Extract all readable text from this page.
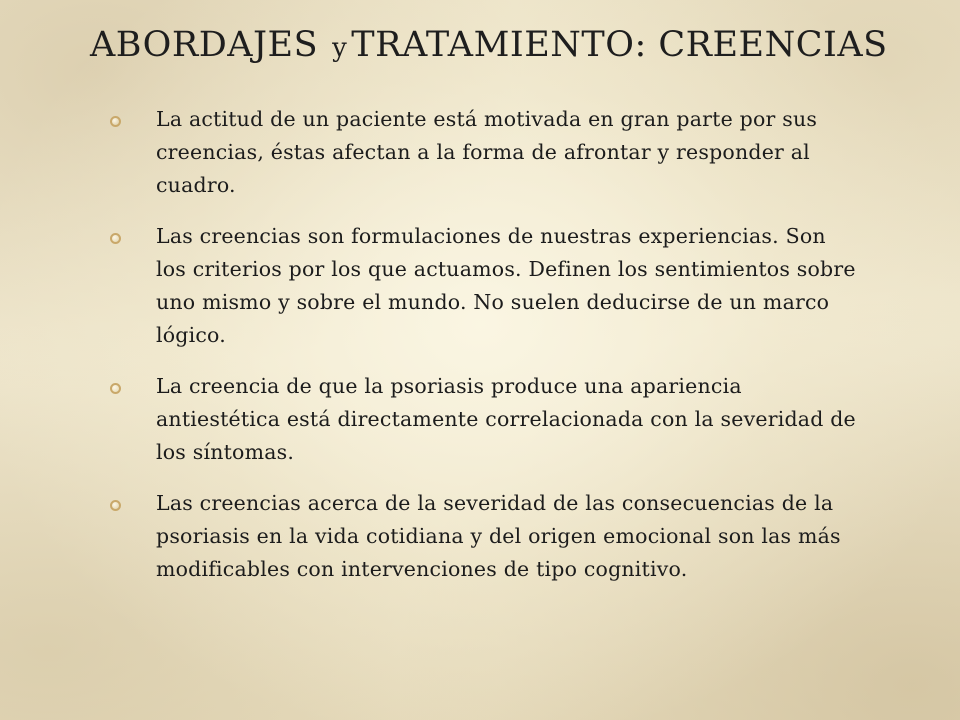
ABORDAJES y TRATAMIENTO: CREENCIAS
La actitud de un paciente está motivada en gran parte por sus creencias, éstas afectan a la forma de afrontar y responder al cuadro.
Las creencias son formulaciones de nuestras experiencias. Son los criterios por los que actuamos. Definen los sentimientos sobre uno mismo y sobre el mundo. No suelen deducirse de un marco lógico.
La creencia de que la psoriasis produce una apariencia antiestética está directamente correlacionada con la severidad de los síntomas.
Las creencias acerca de la severidad de las consecuencias de la psoriasis en la vida cotidiana y del origen emocional son las más modificables con intervenciones de tipo cognitivo.
